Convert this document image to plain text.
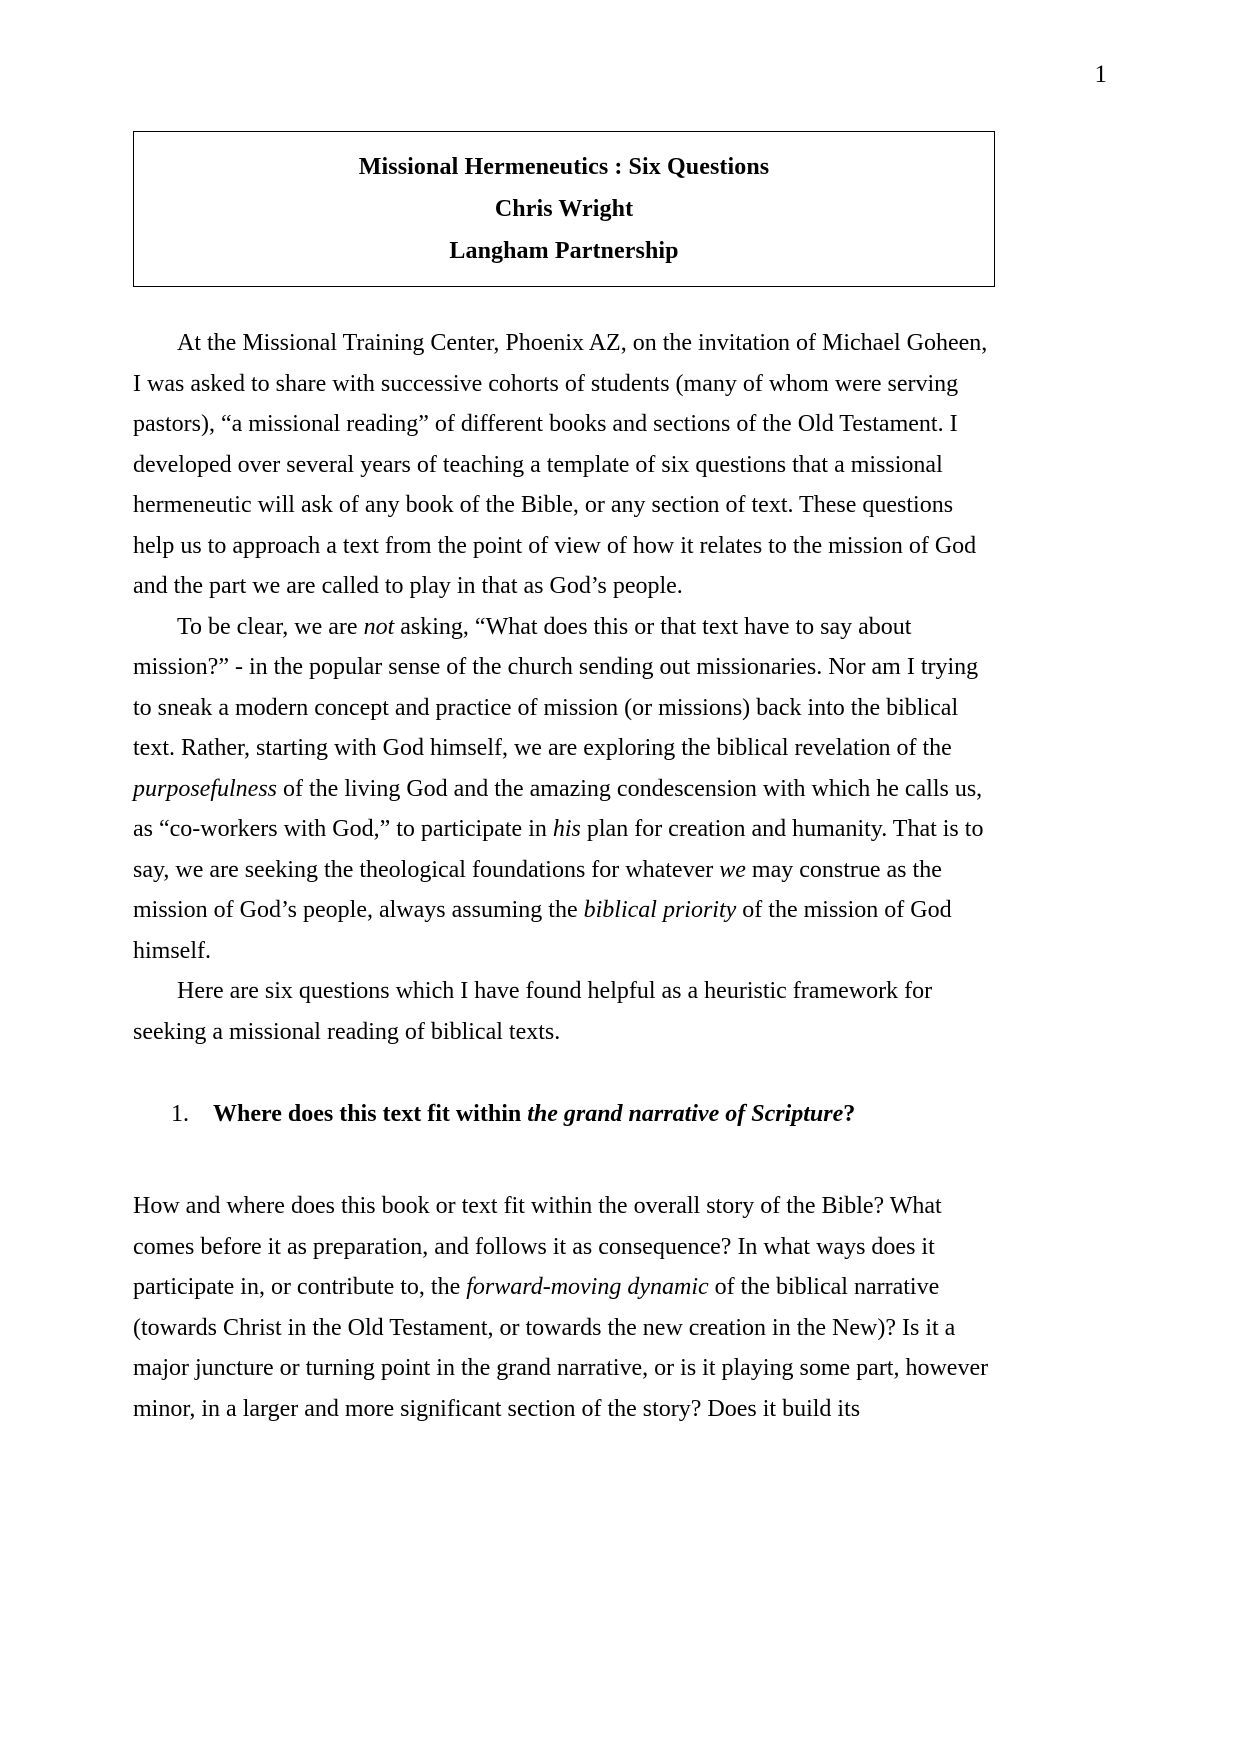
1
Missional Hermeneutics : Six Questions
Chris Wright
Langham Partnership

At the Missional Training Center, Phoenix AZ, on the invitation of Michael Goheen, I was asked to share with successive cohorts of students (many of whom were serving pastors), “a missional reading” of different books and sections of the Old Testament. I developed over several years of teaching a template of six questions that a missional hermeneutic will ask of any book of the Bible, or any section of text. These questions help us to approach a text from the point of view of how it relates to the mission of God and the part we are called to play in that as God’s people.

To be clear, we are not asking, “What does this or that text have to say about mission?” - in the popular sense of the church sending out missionaries. Nor am I trying to sneak a modern concept and practice of mission (or missions) back into the biblical text. Rather, starting with God himself, we are exploring the biblical revelation of the purposefulness of the living God and the amazing condescension with which he calls us, as “co-workers with God,” to participate in his plan for creation and humanity. That is to say, we are seeking the theological foundations for whatever we may construe as the mission of God’s people, always assuming the biblical priority of the mission of God himself.

Here are six questions which I have found helpful as a heuristic framework for seeking a missional reading of biblical texts.

1.	Where does this text fit within the grand narrative of Scripture?

How and where does this book or text fit within the overall story of the Bible? What comes before it as preparation, and follows it as consequence? In what ways does it participate in, or contribute to, the forward-moving dynamic of the biblical narrative (towards Christ in the Old Testament, or towards the new creation in the New)? Is it a major juncture or turning point in the grand narrative, or is it playing some part, however minor, in a larger and more significant section of the story? Does it build its
